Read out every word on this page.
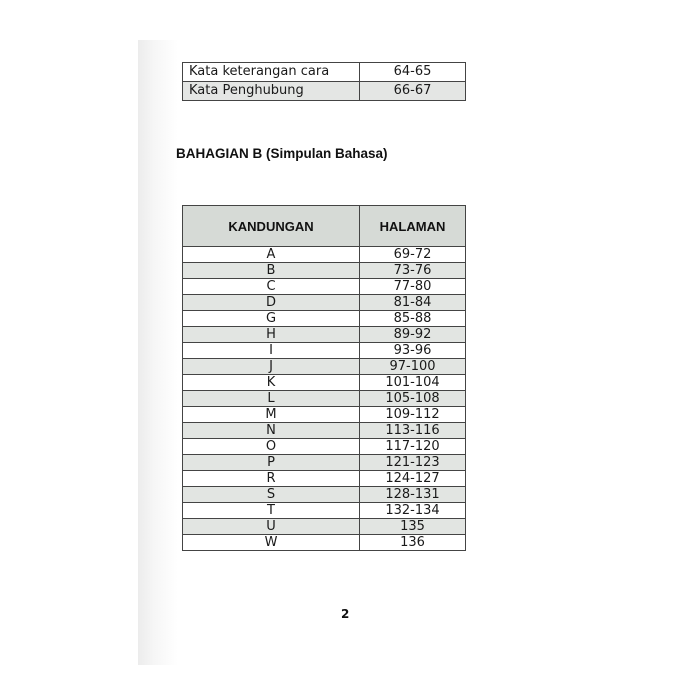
Kata keterangan cara	64-65
Kata Penghubung	66-67
BAHAGIAN B (Simpulan Bahasa)
KANDUNGAN	HALAMAN
A	69-72
B	73-76
C	77-80
D	81-84
G	85-88
H	89-92
I	93-96
J	97-100
K	101-104
L	105-108
M	109-112
N	113-116
O	117-120
P	121-123
R	124-127
S	128-131
T	132-134
U	135
W	136
2
